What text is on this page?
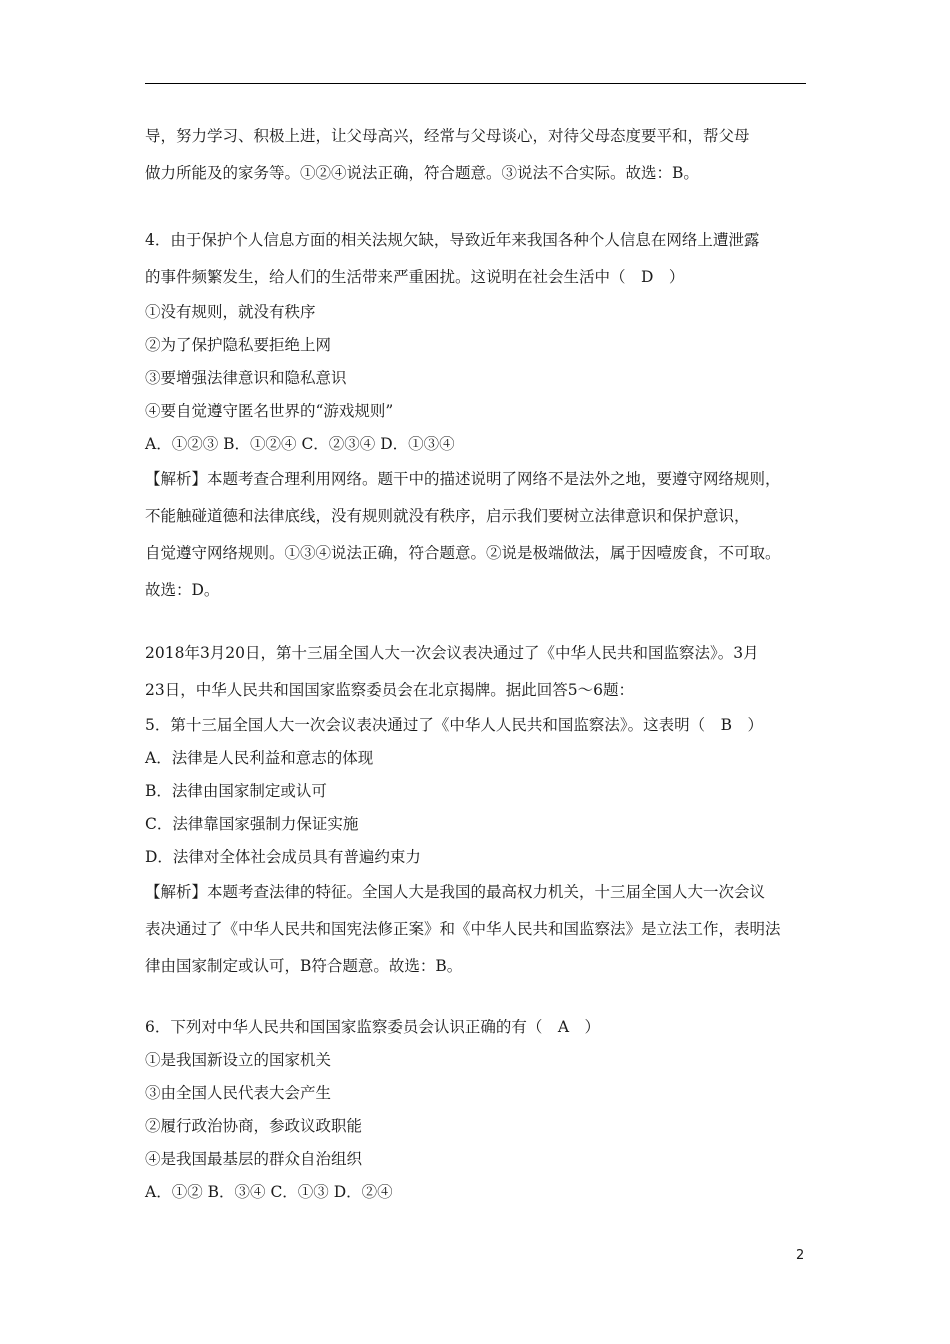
导，努力学习、积极上进，让父母高兴，经常与父母谈心，对待父母态度要平和，帮父母
做力所能及的家务等。①②④说法正确，符合题意。③说法不合实际。故选：B。
4．由于保护个人信息方面的相关法规欠缺，导致近年来我国各种个人信息在网络上遭泄露
的事件频繁发生，给人们的生活带来严重困扰。这说明在社会生活中（　D　）
①没有规则，就没有秩序
②为了保护隐私要拒绝上网
③要增强法律意识和隐私意识
④要自觉遵守匿名世界的“游戏规则”
A．①②③ B．①②④ C．②③④ D．①③④
【解析】本题考查合理利用网络。题干中的描述说明了网络不是法外之地，要遵守网络规则，
不能触碰道德和法律底线，没有规则就没有秩序，启示我们要树立法律意识和保护意识，
自觉遵守网络规则。①③④说法正确，符合题意。②说是极端做法，属于因噎废食，不可取。
故选：D。
2018年3月20日，第十三届全国人大一次会议表决通过了《中华人民共和国监察法》。3月
23日，中华人民共和国国家监察委员会在北京揭牌。据此回答5～6题：
5．第十三届全国人大一次会议表决通过了《中华人人民共和国监察法》。这表明（　B　）
A．法律是人民利益和意志的体现
B．法律由国家制定或认可
C．法律靠国家强制力保证实施
D．法律对全体社会成员具有普遍约束力
【解析】本题考查法律的特征。全国人大是我国的最高权力机关，十三届全国人大一次会议
表决通过了《中华人民共和国宪法修正案》和《中华人民共和国监察法》是立法工作，表明法
律由国家制定或认可，B符合题意。故选：B。
6．下列对中华人民共和国国家监察委员会认识正确的有（　A　）
①是我国新设立的国家机关
③由全国人民代表大会产生
②履行政治协商，参政议政职能
④是我国最基层的群众自治组织
A．①② B．③④ C．①③ D．②④
2
